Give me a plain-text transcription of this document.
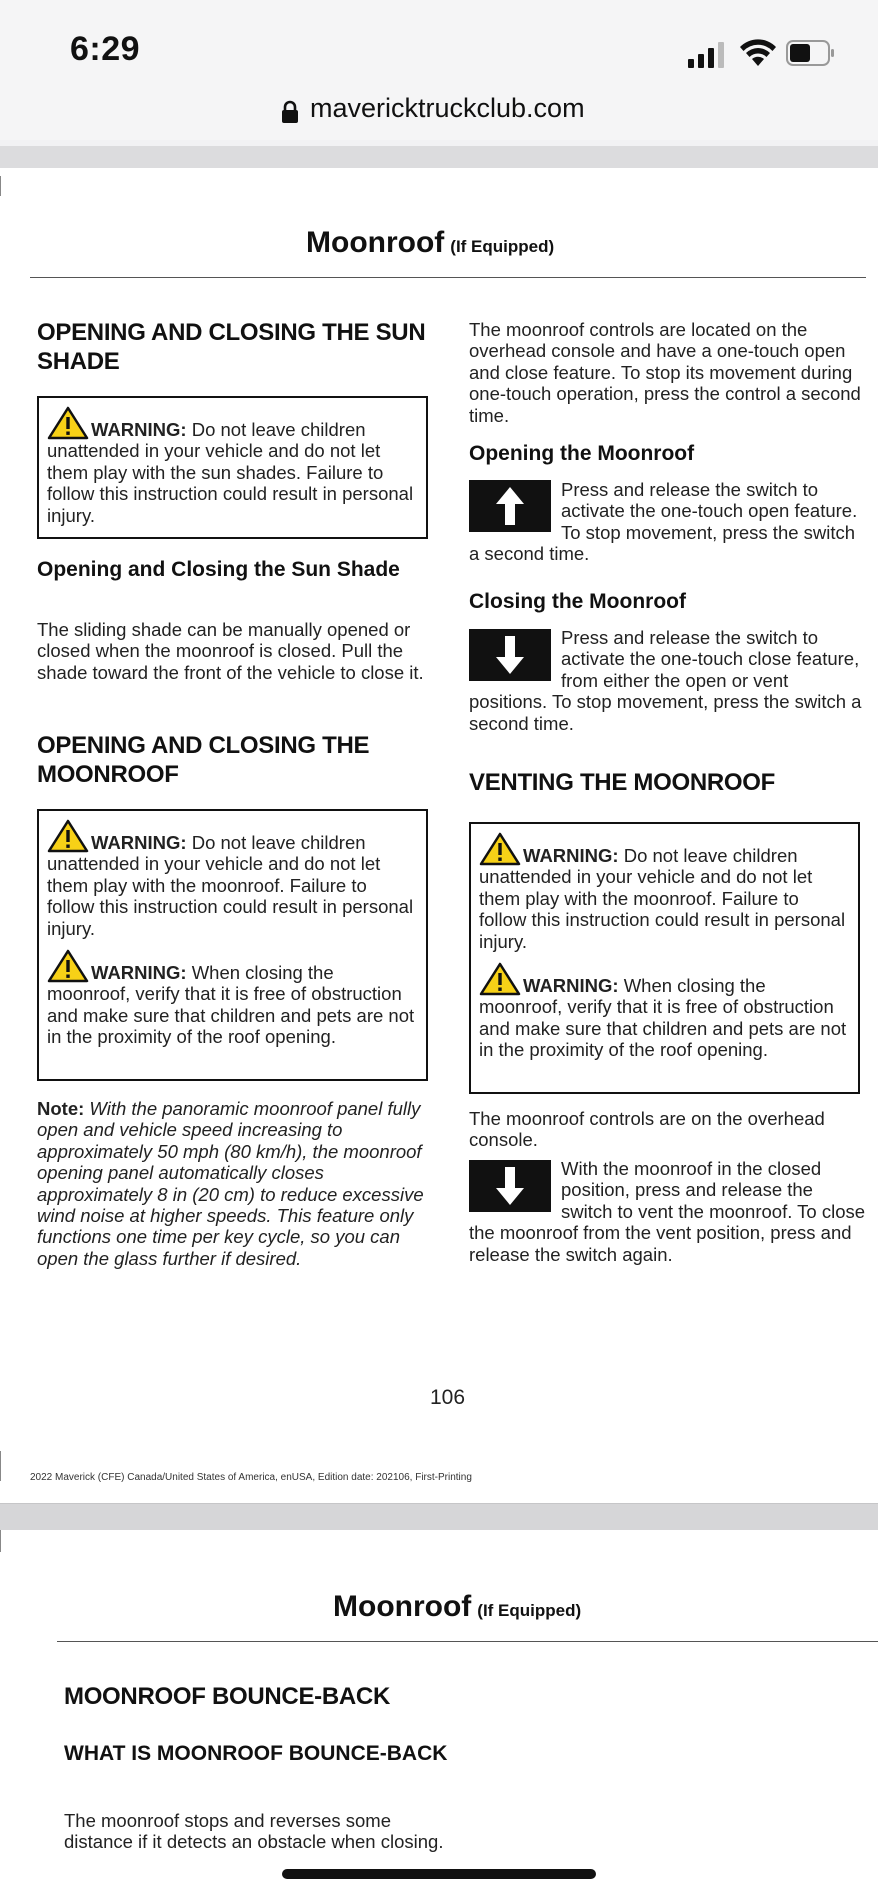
6:29
mavericktruckclub.com
Moonroof (If Equipped)
OPENING AND CLOSING THE SUN SHADE
WARNING: Do not leave children unattended in your vehicle and do not let them play with the sun shades. Failure to follow this instruction could result in personal injury.
Opening and Closing the Sun Shade
The sliding shade can be manually opened or closed when the moonroof is closed. Pull the shade toward the front of the vehicle to close it.
OPENING AND CLOSING THE MOONROOF
WARNING: Do not leave children unattended in your vehicle and do not let them play with the moonroof. Failure to follow this instruction could result in personal injury.
WARNING: When closing the moonroof, verify that it is free of obstruction and make sure that children and pets are not in the proximity of the roof opening.
Note: With the panoramic moonroof panel fully open and vehicle speed increasing to approximately 50 mph (80 km/h), the moonroof opening panel automatically closes approximately 8 in (20 cm) to reduce excessive wind noise at higher speeds. This feature only functions one time per key cycle, so you can open the glass further if desired.
The moonroof controls are located on the overhead console and have a one-touch open and close feature. To stop its movement during one-touch operation, press the control a second time.
Opening the Moonroof
Press and release the switch to activate the one-touch open feature. To stop movement, press the switch a second time.
Closing the Moonroof
Press and release the switch to activate the one-touch close feature, from either the open or vent positions. To stop movement, press the switch a second time.
VENTING THE MOONROOF
WARNING: Do not leave children unattended in your vehicle and do not let them play with the moonroof. Failure to follow this instruction could result in personal injury.
WARNING: When closing the moonroof, verify that it is free of obstruction and make sure that children and pets are not in the proximity of the roof opening.
The moonroof controls are on the overhead console.
With the moonroof in the closed position, press and release the switch to vent the moonroof. To close the moonroof from the vent position, press and release the switch again.
106
2022 Maverick (CFE) Canada/United States of America, enUSA, Edition date: 202106, First-Printing
Moonroof (If Equipped)
MOONROOF BOUNCE-BACK
WHAT IS MOONROOF BOUNCE-BACK
The moonroof stops and reverses some distance if it detects an obstacle when closing.
